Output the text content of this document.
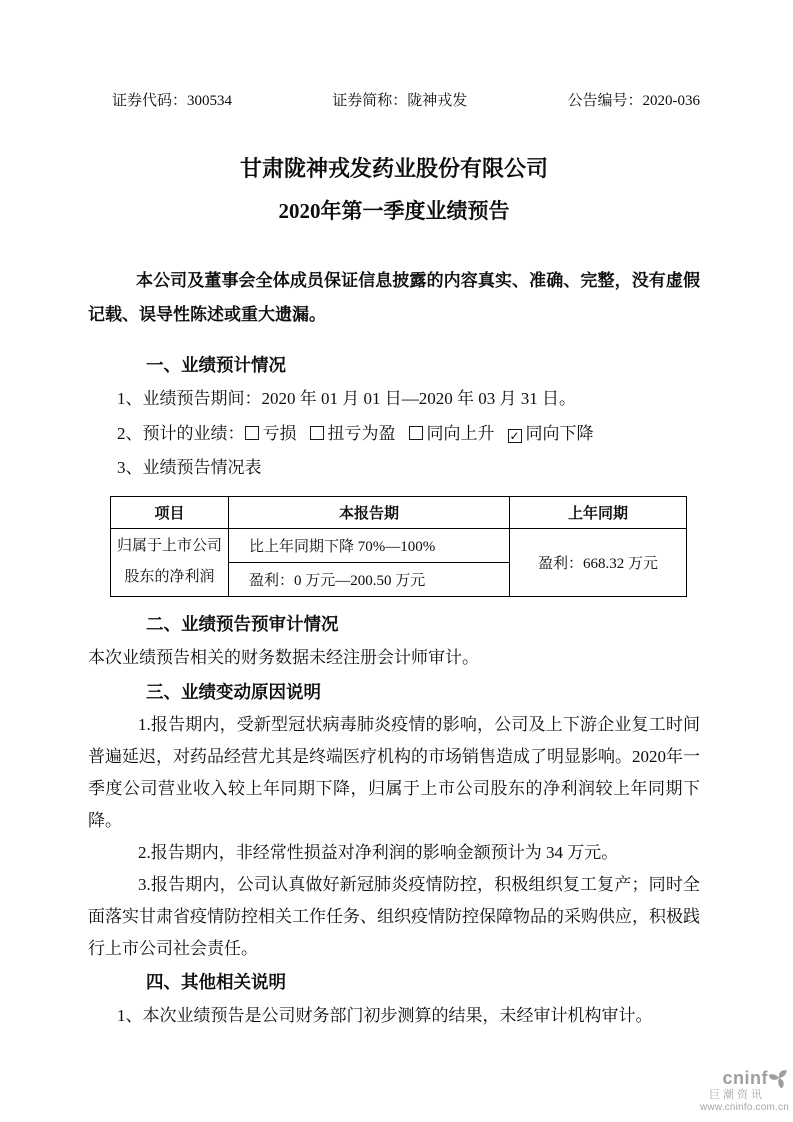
证券代码：300534	证券简称：陇神戎发	公告编号：2020-036
甘肃陇神戎发药业股份有限公司
2020年第一季度业绩预告

本公司及董事会全体成员保证信息披露的内容真实、准确、完整，没有虚假记载、误导性陈述或重大遗漏。

一、业绩预计情况

1、业绩预告期间：2020 年 01 月 01 日—2020 年 03 月 31 日。

2、预计的业绩： 亏损 扭亏为盈 同向上升 ✓ 同向下降

3、业绩预告情况表

项目	本报告期	上年同期
归属于上市公司
股东的净利润	比上年同期下降 70%—100%	盈利：668.32 万元
	盈利：0 万元—200.50 万元	

二、业绩预告预审计情况

本次业绩预告相关的财务数据未经注册会计师审计。

三、业绩变动原因说明

1.报告期内，受新型冠状病毒肺炎疫情的影响，公司及上下游企业复工时间普遍延迟，对药品经营尤其是终端医疗机构的市场销售造成了明显影响。2020年一季度公司营业收入较上年同期下降，归属于上市公司股东的净利润较上年同期下降。

2.报告期内，非经常性损益对净利润的影响金额预计为 34 万元。

3.报告期内，公司认真做好新冠肺炎疫情防控，积极组织复工复产；同时全面落实甘肃省疫情防控相关工作任务、组织疫情防控保障物品的采购供应，积极践行上市公司社会责任。

四、其他相关说明

1、本次业绩预告是公司财务部门初步测算的结果，未经审计机构审计。

cninf
巨潮资讯
www.cninfo.com.cn
